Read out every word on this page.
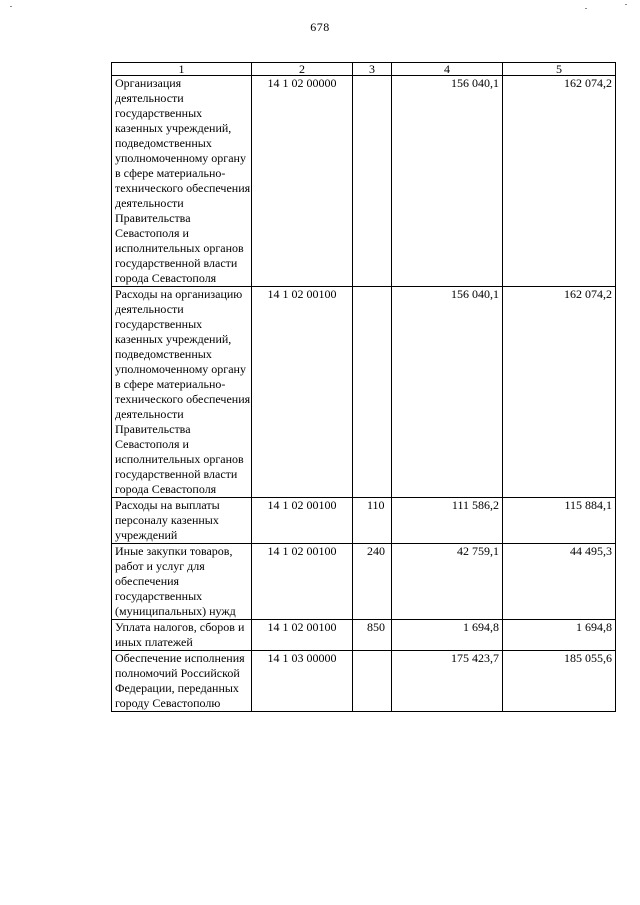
678
1	2	3	4	5

Организация деятельности государственных казенных учреждений, подведомственных уполномоченному органу в сфере материально-технического обеспечения деятельности Правительства Севастополя и исполнительных органов государственной власти города Севастополя	14 1 02 00000		156 040,1	162 074,2

Расходы на организацию деятельности государственных казенных учреждений, подведомственных уполномоченному органу в сфере материально-технического обеспечения деятельности Правительства Севастополя и исполнительных органов государственной власти города Севастополя	14 1 02 00100		156 040,1	162 074,2

Расходы на выплаты персоналу казенных учреждений	14 1 02 00100	110	111 586,2	115 884,1

Иные закупки товаров, работ и услуг для обеспечения государственных (муниципальных) нужд	14 1 02 00100	240	42 759,1	44 495,3

Уплата налогов, сборов и иных платежей	14 1 02 00100	850	1 694,8	1 694,8

Обеспечение исполнения полномочий Российской Федерации, переданных городу Севастополю	14 1 03 00000		175 423,7	185 055,6
